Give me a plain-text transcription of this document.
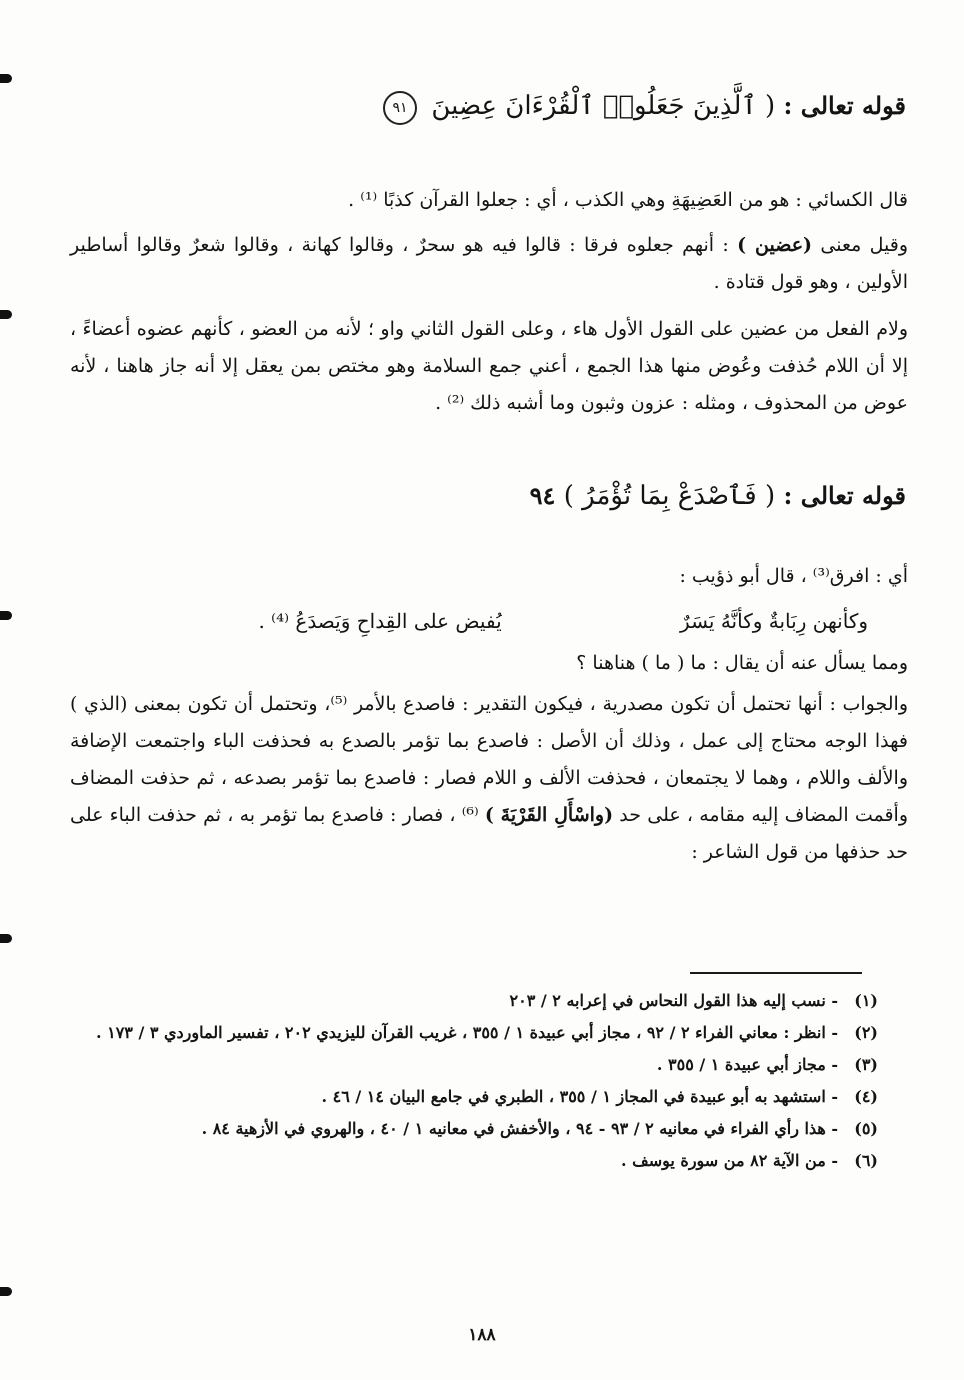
قوله تعالى : ( ٱلَّذِينَ جَعَلُوا۟ ٱلْقُرْءَانَ عِضِينَ ٩١

قال الكسائي : هو من العَضِيهَةِ وهي الكذب ، أي : جعلوا القرآن كذبًا ⁽¹⁾ .

وقيل معنى (عضين ) : أنهم جعلوه فرقا : قالوا فيه هو سحرٌ ، وقالوا كهانة ، وقالوا شعرٌ وقالوا أساطير الأولين ، وهو قول قتادة .

ولام الفعل من عضين على القول الأول هاء ، وعلى القول الثاني واو ؛ لأنه من العضو ، كأنهم عضوه أعضاءً ، إلا أن اللام حُذفت وعُوض منها هذا الجمع ، أعني جمع السلامة وهو مختص بمن يعقل إلا أنه جاز هاهنا ، لأنه عوض من المحذوف ، ومثله : عزون وثبون وما أشبه ذلك ⁽²⁾ .

قوله تعالى : ( فَٱصْدَعْ بِمَا تُؤْمَرُ ) ٩٤

أي : افرق⁽³⁾ ، قال أبو ذؤيب :

وكأنهن رِبَابةٌ وكأنَّهُ يَسَرٌ يُفيض على القِداحِ وَيَصدَعُ ⁽⁴⁾ .

ومما يسأل عنه أن يقال : ما ( ما ) هناهنا ؟

والجواب : أنها تحتمل أن تكون مصدرية ، فيكون التقدير : فاصدع بالأمر ⁽⁵⁾، وتحتمل أن تكون بمعنى (الذي ) فهذا الوجه محتاج إلى عمل ، وذلك أن الأصل : فاصدع بما تؤمر بالصدع به فحذفت الباء واجتمعت الإضافة والألف واللام ، وهما لا يجتمعان ، فحذفت الألف و اللام فصار : فاصدع بما تؤمر بصدعه ، ثم حذفت المضاف وأقمت المضاف إليه مقامه ، على حد (واسْأَلِ القَرْيَةَ ) ⁽⁶⁾ ، فصار : فاصدع بما تؤمر به ، ثم حذفت الباء على حد حذفها من قول الشاعر :

(١)
- نسب إليه هذا القول النحاس في إعرابه ٢ / ٢٠٣
(٢)
- انظر : معاني الفراء ٢ / ٩٢ ، مجاز أبي عبيدة ١ / ٣٥٥ ، غريب القرآن لليزيدي ٢٠٢ ، تفسير الماوردي ٣ / ١٧٣ .
(٣)
- مجاز أبي عبيدة ١ / ٣٥٥ .
(٤)
- استشهد به أبو عبيدة في المجاز ١ / ٣٥٥ ، الطبري في جامع البيان ١٤ / ٤٦ .
(٥)
- هذا رأي الفراء في معانيه ٢ / ٩٣ - ٩٤ ، والأخفش في معانيه ١ / ٤٠ ، والهروي في الأزهية ٨٤ .
(٦)
- من الآية ٨٢ من سورة يوسف .
١٨٨
